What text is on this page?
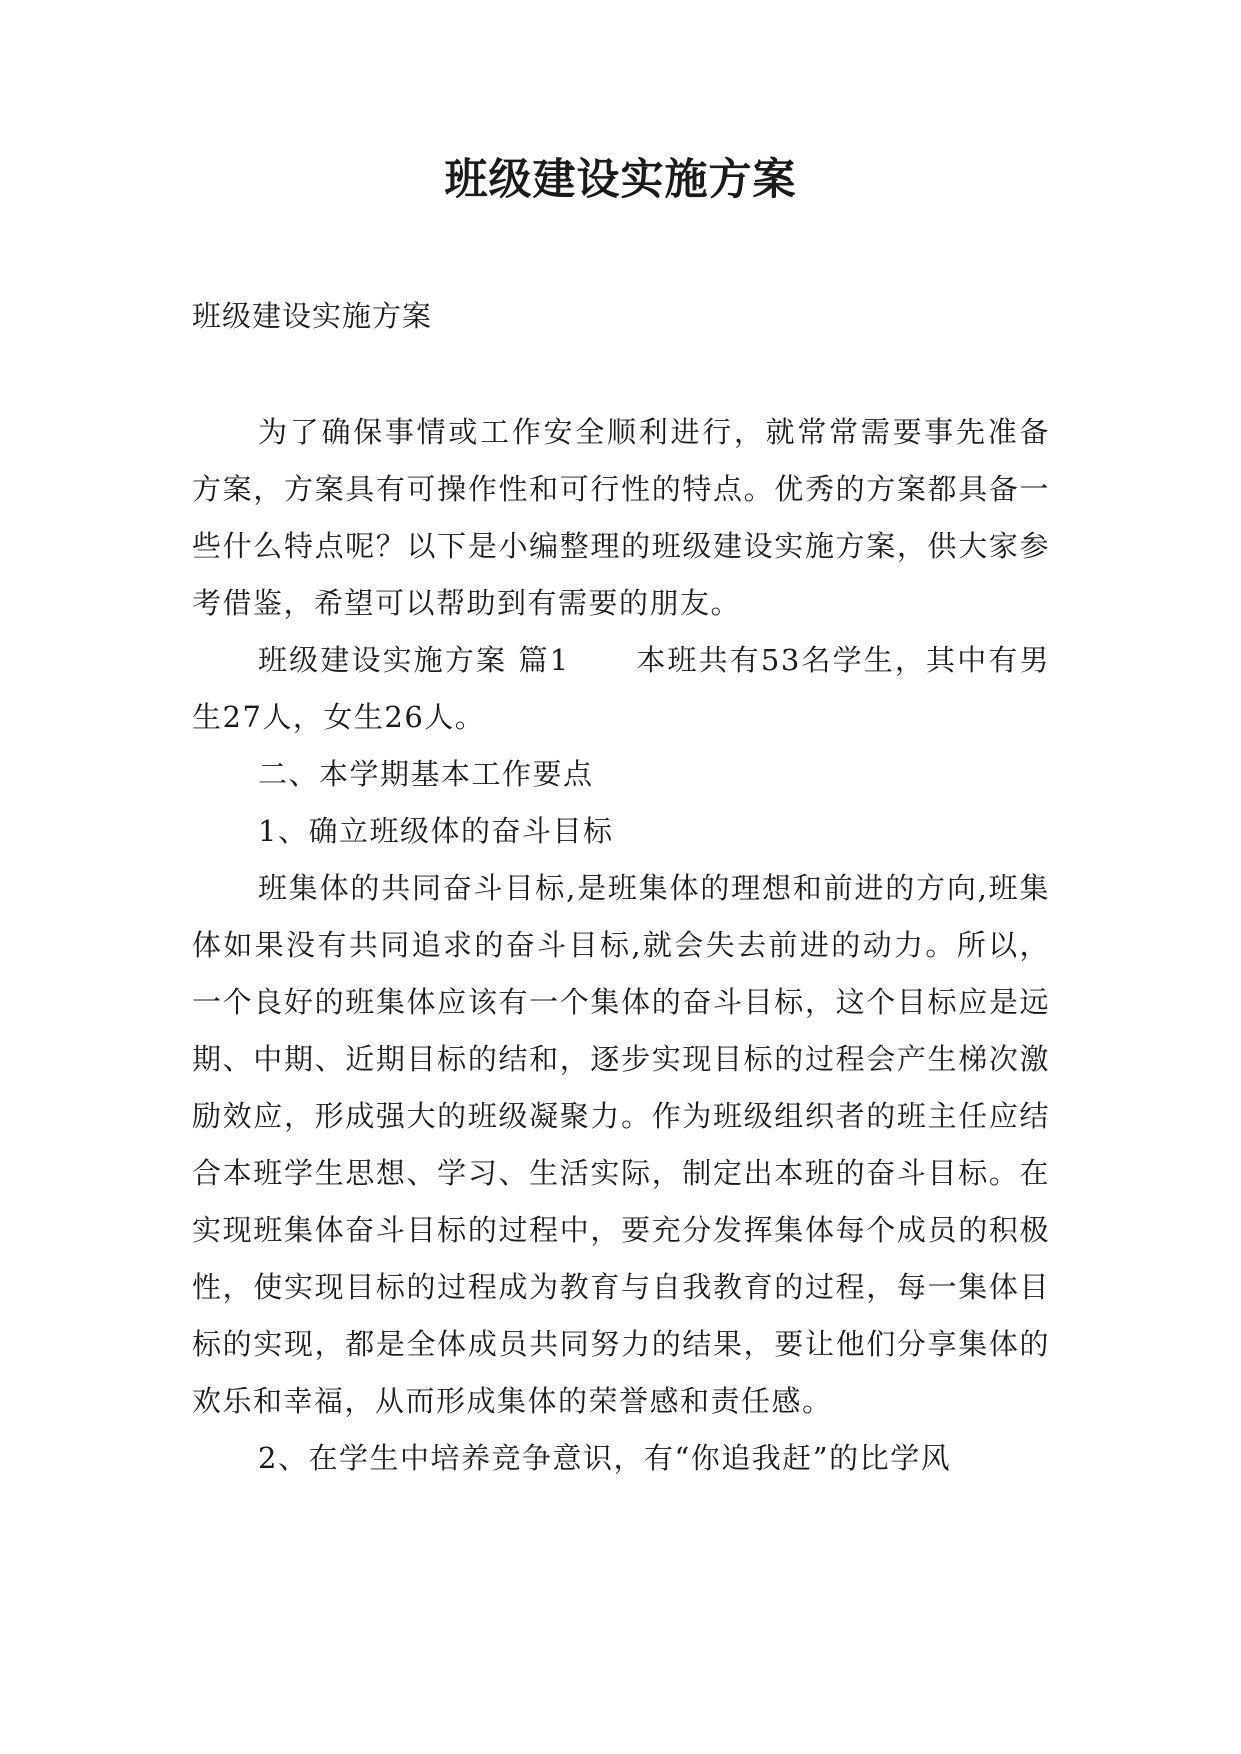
班级建设实施方案

班级建设实施方案

为了确保事情或工作安全顺利进行，就常常需要事先准备方案，方案具有可操作性和可行性的特点。优秀的方案都具备一些什么特点呢？以下是小编整理的班级建设实施方案，供大家参考借鉴，希望可以帮助到有需要的朋友。

班级建设实施方案 篇1 本班共有53名学生，其中有男生27人，女生26人。

二、本学期基本工作要点

1、确立班级体的奋斗目标

班集体的共同奋斗目标,是班集体的理想和前进的方向,班集体如果没有共同追求的奋斗目标,就会失去前进的动力。所以，一个良好的班集体应该有一个集体的奋斗目标，这个目标应是远期、中期、近期目标的结和，逐步实现目标的过程会产生梯次激励效应，形成强大的班级凝聚力。作为班级组织者的班主任应结合本班学生思想、学习、生活实际，制定出本班的奋斗目标。在实现班集体奋斗目标的过程中，要充分发挥集体每个成员的积极性，使实现目标的过程成为教育与自我教育的过程，每一集体目标的实现，都是全体成员共同努力的结果，要让他们分享集体的欢乐和幸福，从而形成集体的荣誉感和责任感。

2、在学生中培养竞争意识，有“你追我赶”的比学风
